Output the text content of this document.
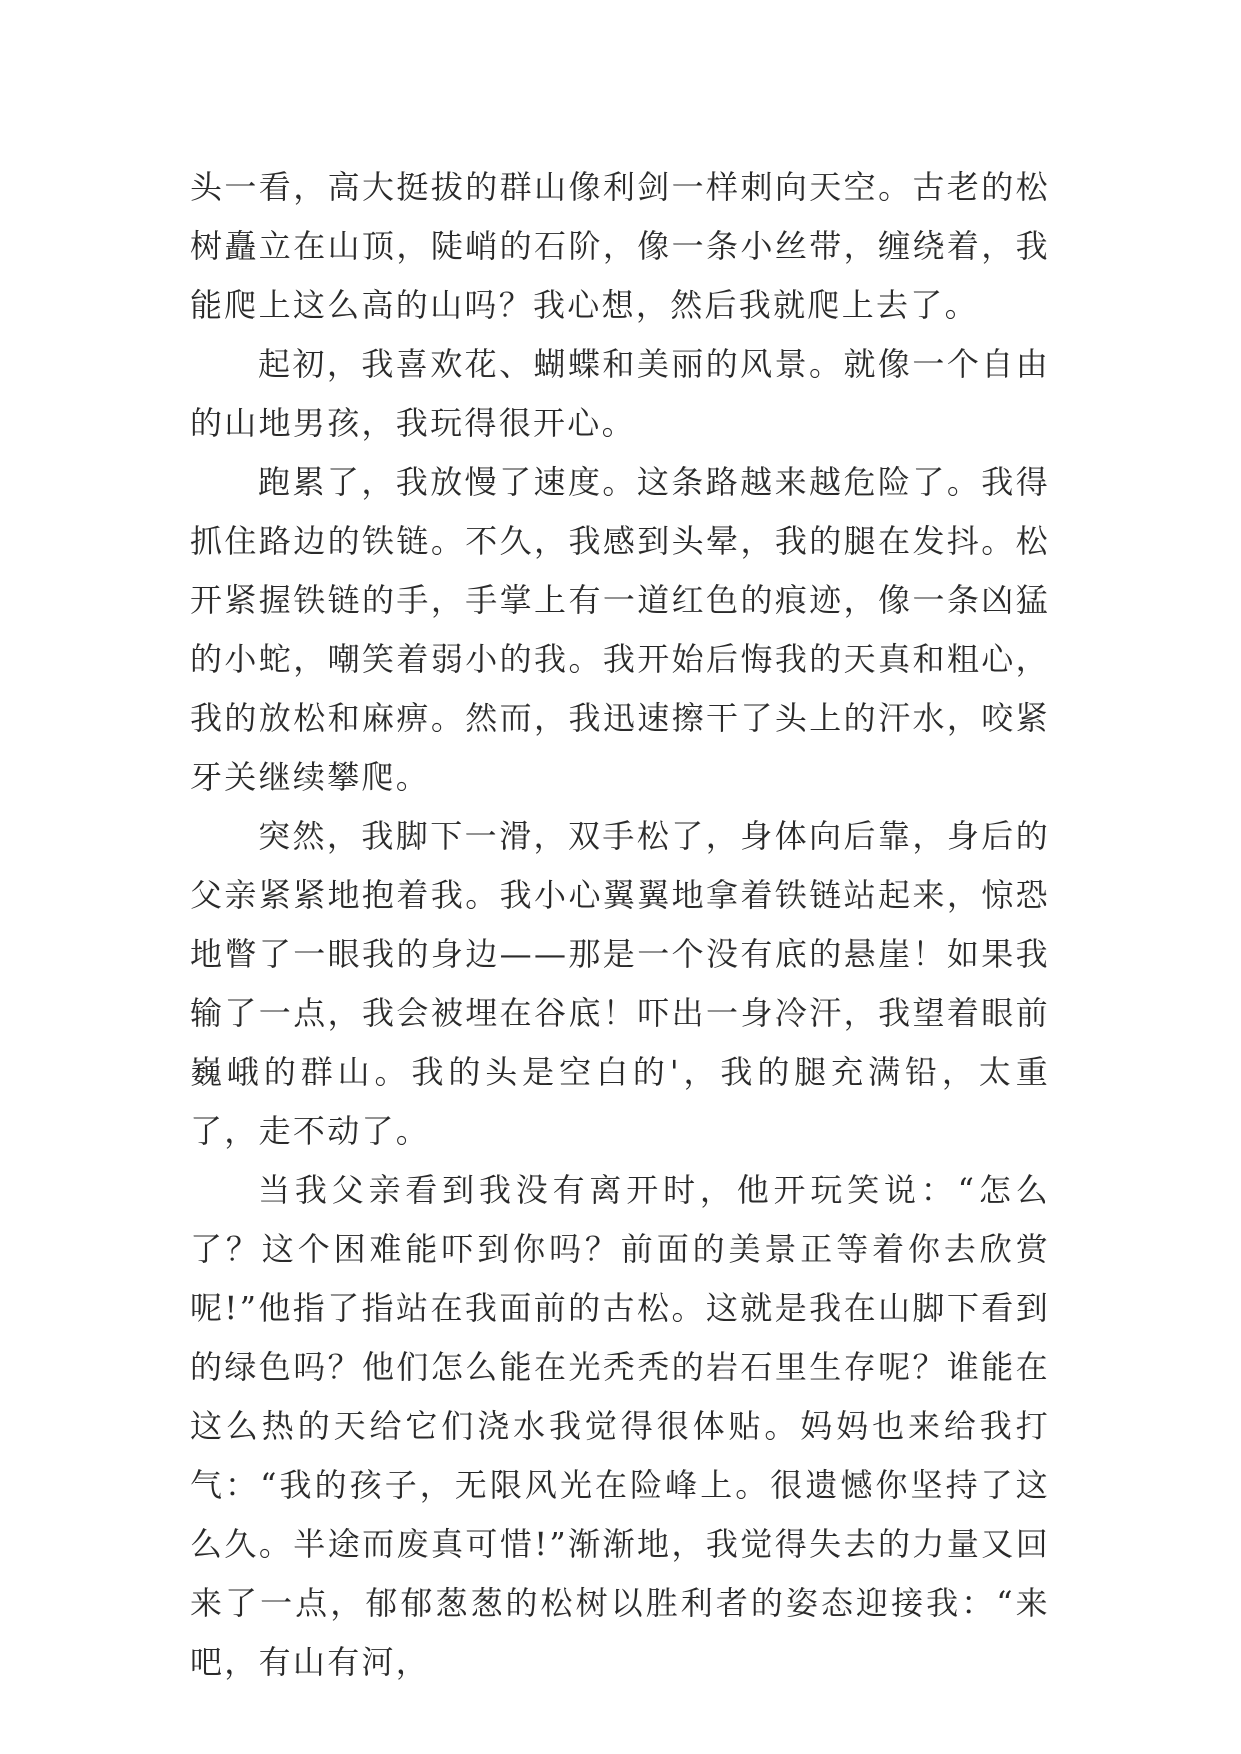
头一看，高大挺拔的群山像利剑一样刺向天空。古老的松树矗立在山顶，陡峭的石阶，像一条小丝带，缠绕着，我能爬上这么高的山吗？我心想，然后我就爬上去了。

起初，我喜欢花、蝴蝶和美丽的风景。就像一个自由的山地男孩，我玩得很开心。

跑累了，我放慢了速度。这条路越来越危险了。我得抓住路边的铁链。不久，我感到头晕，我的腿在发抖。松开紧握铁链的手，手掌上有一道红色的痕迹，像一条凶猛的小蛇，嘲笑着弱小的我。我开始后悔我的天真和粗心，我的放松和麻痹。然而，我迅速擦干了头上的汗水，咬紧牙关继续攀爬。

突然，我脚下一滑，双手松了，身体向后靠，身后的父亲紧紧地抱着我。我小心翼翼地拿着铁链站起来，惊恐地瞥了一眼我的身边——那是一个没有底的悬崖！如果我输了一点，我会被埋在谷底！吓出一身冷汗，我望着眼前巍峨的群山。我的头是空白的'，我的腿充满铅，太重了，走不动了。

当我父亲看到我没有离开时，他开玩笑说：“怎么了？这个困难能吓到你吗？前面的美景正等着你去欣赏呢!”他指了指站在我面前的古松。这就是我在山脚下看到的绿色吗？他们怎么能在光秃秃的岩石里生存呢？谁能在这么热的天给它们浇水我觉得很体贴。妈妈也来给我打气：“我的孩子，无限风光在险峰上。很遗憾你坚持了这么久。半途而废真可惜!”渐渐地，我觉得失去的力量又回来了一点，郁郁葱葱的松树以胜利者的姿态迎接我：“来吧，有山有河，
